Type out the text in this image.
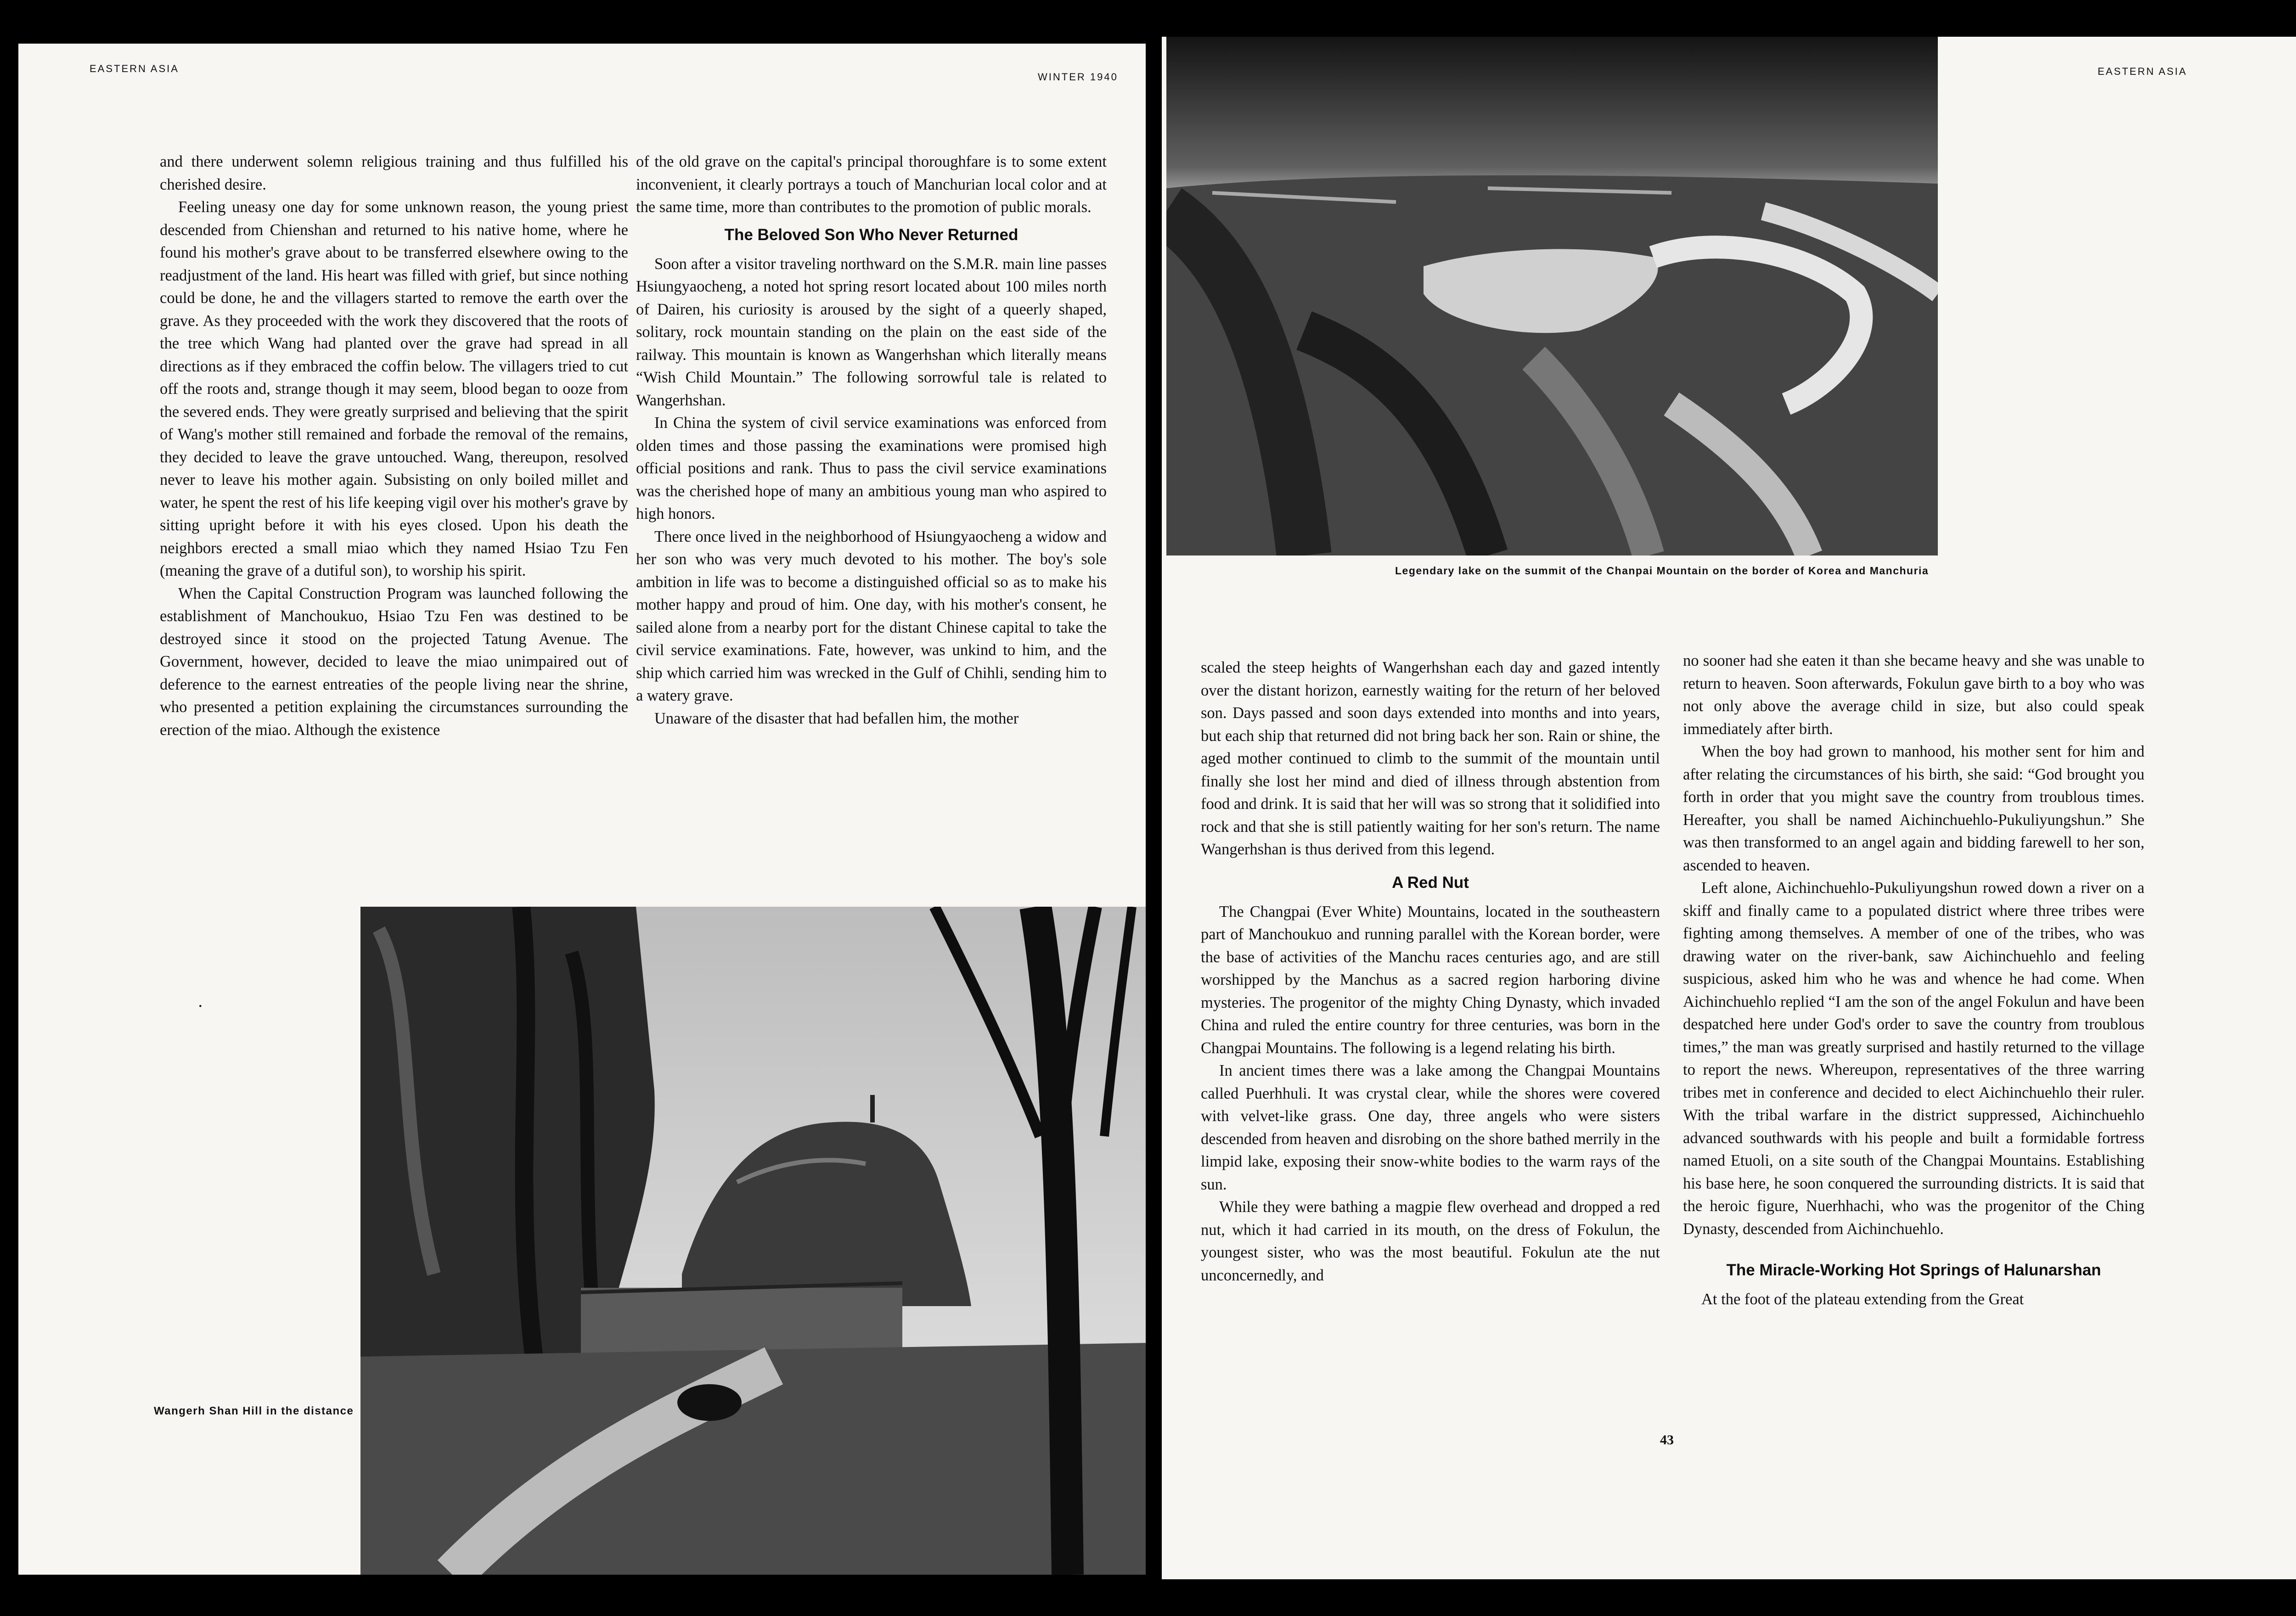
EASTERN ASIA
WINTER 1940

and there underwent solemn religious training and thus fulfilled his cherished desire.

Feeling uneasy one day for some unknown reason, the young priest descended from Chienshan and returned to his native home, where he found his mother's grave about to be transferred elsewhere owing to the readjustment of the land. His heart was filled with grief, but since nothing could be done, he and the villagers started to remove the earth over the grave. As they proceeded with the work they discovered that the roots of the tree which Wang had planted over the grave had spread in all directions as if they embraced the coffin below. The villagers tried to cut off the roots and, strange though it may seem, blood began to ooze from the severed ends. They were greatly surprised and believing that the spirit of Wang's mother still remained and forbade the removal of the remains, they decided to leave the grave untouched. Wang, thereupon, resolved never to leave his mother again. Subsisting on only boiled millet and water, he spent the rest of his life keeping vigil over his mother's grave by sitting upright before it with his eyes closed. Upon his death the neighbors erected a small miao which they named Hsiao Tzu Fen (meaning the grave of a dutiful son), to worship his spirit.

When the Capital Construction Program was launched following the establishment of Manchoukuo, Hsiao Tzu Fen was destined to be destroyed since it stood on the projected Tatung Avenue. The Government, however, decided to leave the miao unimpaired out of deference to the earnest entreaties of the people living near the shrine, who presented a petition explaining the circumstances surrounding the erection of the miao. Although the existence

of the old grave on the capital's principal thoroughfare is to some extent inconvenient, it clearly portrays a touch of Manchurian local color and at the same time, more than contributes to the promotion of public morals.

The Beloved Son Who Never Returned

Soon after a visitor traveling northward on the S.M.R. main line passes Hsiungyaocheng, a noted hot spring resort located about 100 miles north of Dairen, his curiosity is aroused by the sight of a queerly shaped, solitary, rock mountain standing on the plain on the east side of the railway. This mountain is known as Wangerhshan which literally means “Wish Child Mountain.” The following sorrowful tale is related to Wangerhshan.

In China the system of civil service examinations was enforced from olden times and those passing the examinations were promised high official positions and rank. Thus to pass the civil service examinations was the cherished hope of many an ambitious young man who aspired to high honors.

There once lived in the neighborhood of Hsiungyaocheng a widow and her son who was very much devoted to his mother. The boy's sole ambition in life was to become a distinguished official so as to make his mother happy and proud of him. One day, with his mother's consent, he sailed alone from a nearby port for the distant Chinese capital to take the civil service examinations. Fate, however, was unkind to him, and the ship which carried him was wrecked in the Gulf of Chihli, sending him to a watery grave.

Unaware of the disaster that had befallen him, the mother

Wangerh Shan Hill in the distance
·
EASTERN ASIA
Legendary lake on the summit of the Chanpai Mountain on the border of Korea and Manchuria

scaled the steep heights of Wangerhshan each day and gazed intently over the distant horizon, earnestly waiting for the return of her beloved son. Days passed and soon days extended into months and into years, but each ship that returned did not bring back her son. Rain or shine, the aged mother continued to climb to the summit of the mountain until finally she lost her mind and died of illness through abstention from food and drink. It is said that her will was so strong that it solidified into rock and that she is still patiently waiting for her son's return. The name Wangerhshan is thus derived from this legend.

A Red Nut

The Changpai (Ever White) Mountains, located in the southeastern part of Manchoukuo and running parallel with the Korean border, were the base of activities of the Manchu races centuries ago, and are still worshipped by the Manchus as a sacred region harboring divine mysteries. The progenitor of the mighty Ching Dynasty, which invaded China and ruled the entire country for three centuries, was born in the Changpai Mountains. The following is a legend relating his birth.

In ancient times there was a lake among the Changpai Mountains called Puerhhuli. It was crystal clear, while the shores were covered with velvet-like grass. One day, three angels who were sisters descended from heaven and disrobing on the shore bathed merrily in the limpid lake, exposing their snow-white bodies to the warm rays of the sun.

While they were bathing a magpie flew overhead and dropped a red nut, which it had carried in its mouth, on the dress of Fokulun, the youngest sister, who was the most beautiful. Fokulun ate the nut unconcernedly, and

no sooner had she eaten it than she became heavy and she was unable to return to heaven. Soon afterwards, Fokulun gave birth to a boy who was not only above the average child in size, but also could speak immediately after birth.

When the boy had grown to manhood, his mother sent for him and after relating the circumstances of his birth, she said: “God brought you forth in order that you might save the country from troublous times. Hereafter, you shall be named Aichinchuehlo-Pukuliyungshun.” She was then transformed to an angel again and bidding farewell to her son, ascended to heaven.

Left alone, Aichinchuehlo-Pukuliyungshun rowed down a river on a skiff and finally came to a populated district where three tribes were fighting among themselves. A member of one of the tribes, who was drawing water on the river-bank, saw Aichinchuehlo and feeling suspicious, asked him who he was and whence he had come. When Aichinchuehlo replied “I am the son of the angel Fokulun and have been despatched here under God's order to save the country from troublous times,” the man was greatly surprised and hastily returned to the village to report the news. Whereupon, representatives of the three warring tribes met in conference and decided to elect Aichinchuehlo their ruler. With the tribal warfare in the district suppressed, Aichinchuehlo advanced southwards with his people and built a formidable fortress named Etuoli, on a site south of the Changpai Mountains. Establishing his base here, he soon conquered the surrounding districts. It is said that the heroic figure, Nuerhhachi, who was the progenitor of the Ching Dynasty, descended from Aichinchuehlo.

The Miracle-Working Hot Springs of Halunarshan

At the foot of the plateau extending from the Great

43
